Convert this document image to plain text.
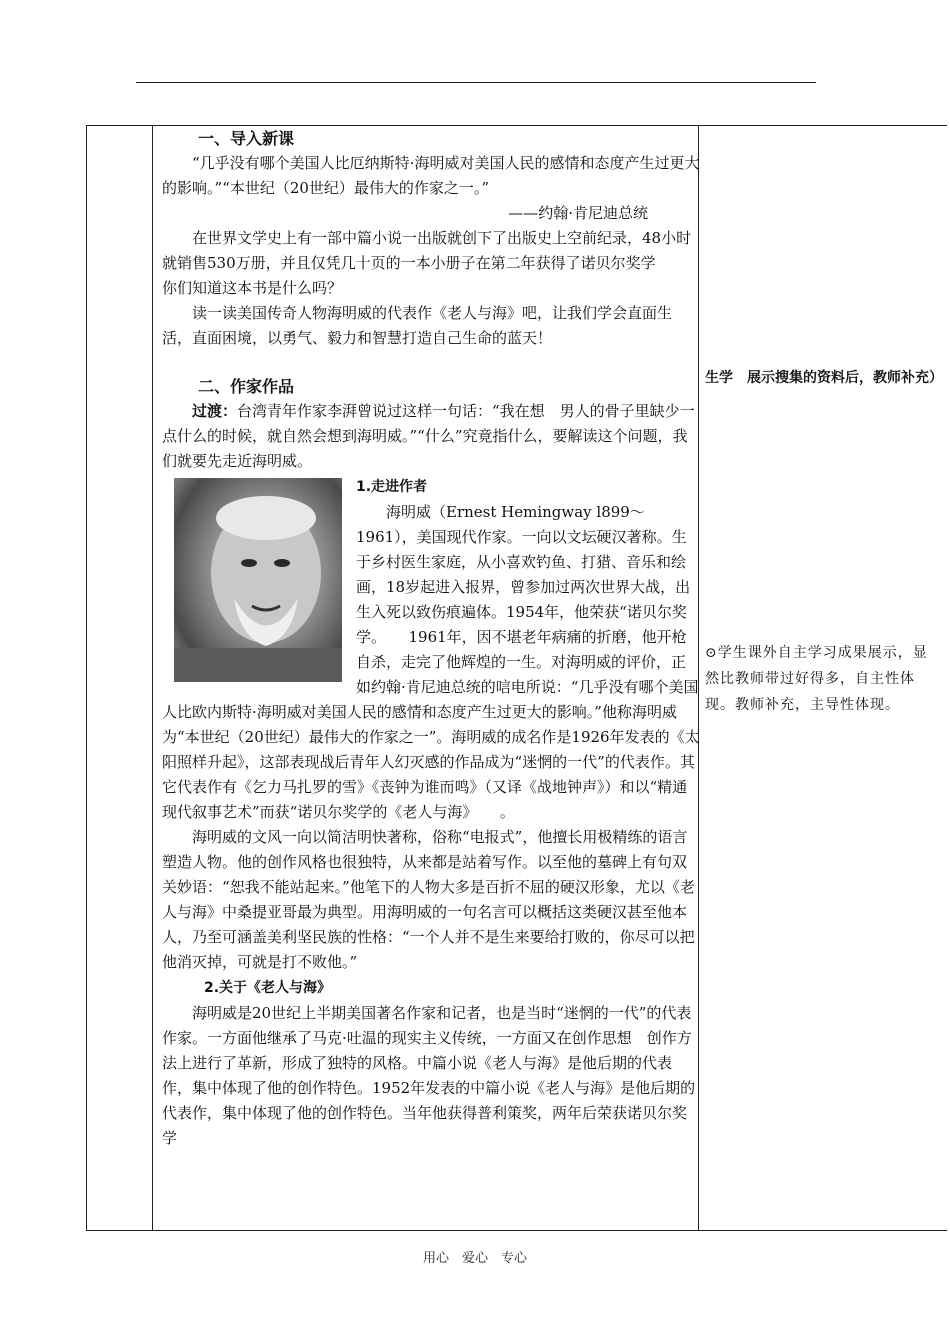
一、导入新课

“几乎没有哪个美国人比厄纳斯特·海明威对美国人民的感情和态度产生过更大的影响。”“本世纪（20世纪）最伟大的作家之一。”

——约翰·肯尼迪总统

在世界文学史上有一部中篇小说一出版就创下了出版史上空前纪录，48小时就销售530万册，并且仅凭几十页的一本小册子在第二年获得了诺贝尔奖学　　你们知道这本书是什么吗？

读一读美国传奇人物海明威的代表作《老人与海》吧，让我们学会直面生活，直面困境，以勇气、毅力和智慧打造自己生命的蓝天！

二、作家作品

过渡：台湾青年作家李湃曾说过这样一句话：“我在想　男人的骨子里缺少一点什么的时候，就自然会想到海明威。”“什么”究竟指什么，要解读这个问题，我们就要先走近海明威。

1.走进作者

海明威（Ernest Hemingway l899～1961），美国现代作家。一向以文坛硬汉著称。生于乡村医生家庭，从小喜欢钓鱼、打猎、音乐和绘画，18岁起进入报界，曾参加过两次世界大战，出生入死以致伤痕遍体。1954年，他荣获“诺贝尔奖学。　　1961年，因不堪老年病痛的折磨，他开枪自杀，走完了他辉煌的一生。对海明威的评价，正如约翰·肯尼迪总统的唁电所说：“几乎没有哪个美国人比欧内斯特·海明威对美国人民的感情和态度产生过更大的影响。”他称海明威为“本世纪（20世纪）最伟大的作家之一”。海明威的成名作是1926年发表的《太阳照样升起》，这部表现战后青年人幻灭感的作品成为“迷惘的一代”的代表作。其它代表作有《乞力马扎罗的雪》《丧钟为谁而鸣》（又译《战地钟声》）和以“精通现代叙事艺术”而获“诺贝尔奖学的《老人与海》　　。

海明威的文风一向以简洁明快著称，俗称“电报式”，他擅长用极精练的语言塑造人物。他的创作风格也很独特，从来都是站着写作。以至他的墓碑上有句双关妙语：“恕我不能站起来。”他笔下的人物大多是百折不屈的硬汉形象，尤以《老人与海》中桑提亚哥最为典型。用海明威的一句名言可以概括这类硬汉甚至他本人，乃至可涵盖美利坚民族的性格：“一个人并不是生来要给打败的，你尽可以把他消灭掉，可就是打不败他。”

2.关于《老人与海》

海明威是20世纪上半期美国著名作家和记者，也是当时“迷惘的一代”的代表作家。一方面他继承了马克·吐温的现实主义传统，一方面又在创作思想　创作方法上进行了革新，形成了独特的风格。中篇小说《老人与海》是他后期的代表作，集中体现了他的创作特色。1952年发表的中篇小说《老人与海》是他后期的代表作，集中体现了他的创作特色。当年他获得普利策奖，两年后荣获诺贝尔奖学

生学　展示搜集的资料后，教师补充）
⊙学生课外自主学习成果展示，显然比教师带过好得多，自主性体现。教师补充，主导性体现。
用心　爱心　专心
